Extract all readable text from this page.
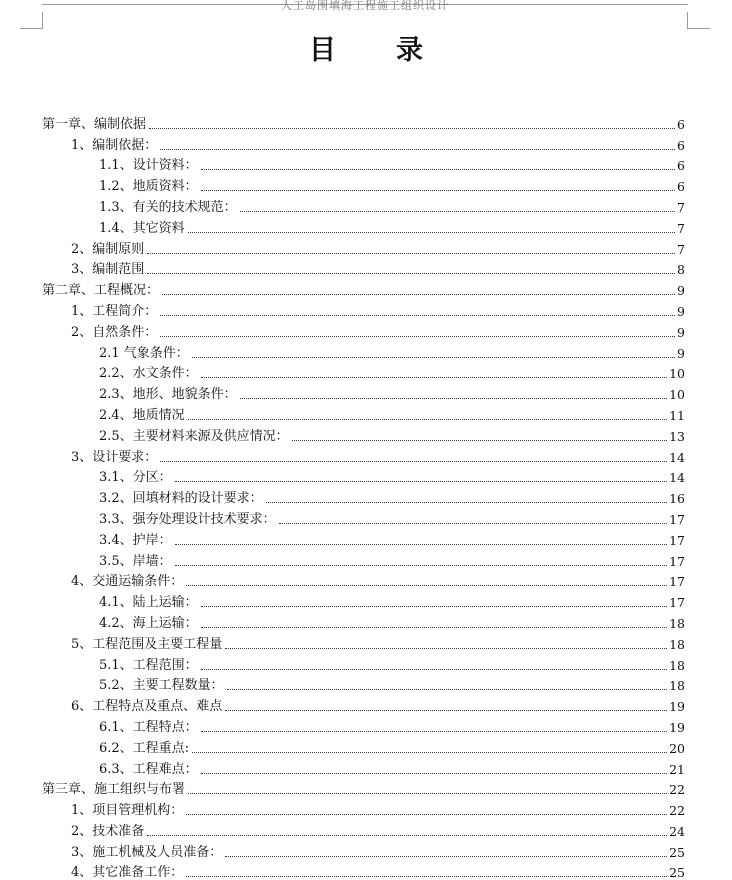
人工岛围填海工程施工组织设计
目 录
第一章、编制依据	6
1、编制依据：	6
1.1、设计资料：	6
1.2、地质资料：	6
1.3、有关的技术规范：	7
1.4、其它资料	7
2、编制原则	7
3、编制范围	8
第二章、工程概况：	9
1、工程简介：	9
2、自然条件：	9
2.1 气象条件：	9
2.2、水文条件：	10
2.3、地形、地貌条件：	10
2.4、地质情况	11
2.5、主要材料来源及供应情况：	13
3、设计要求：	14
3.1、分区：	14
3.2、回填材料的设计要求：	16
3.3、强夯处理设计技术要求：	17
3.4、护岸：	17
3.5、岸墙：	17
4、交通运输条件：	17
4.1、陆上运输：	17
4.2、海上运输：	18
5、工程范围及主要工程量	18
5.1、工程范围：	18
5.2、主要工程数量：	18
6、工程特点及重点、难点	19
6.1、工程特点：	19
6.2、工程重点:	20
6.3、工程难点：	21
第三章、施工组织与布署	22
1、项目管理机构：	22
2、技术准备	24
3、施工机械及人员准备：	25
4、其它准备工作：	25
